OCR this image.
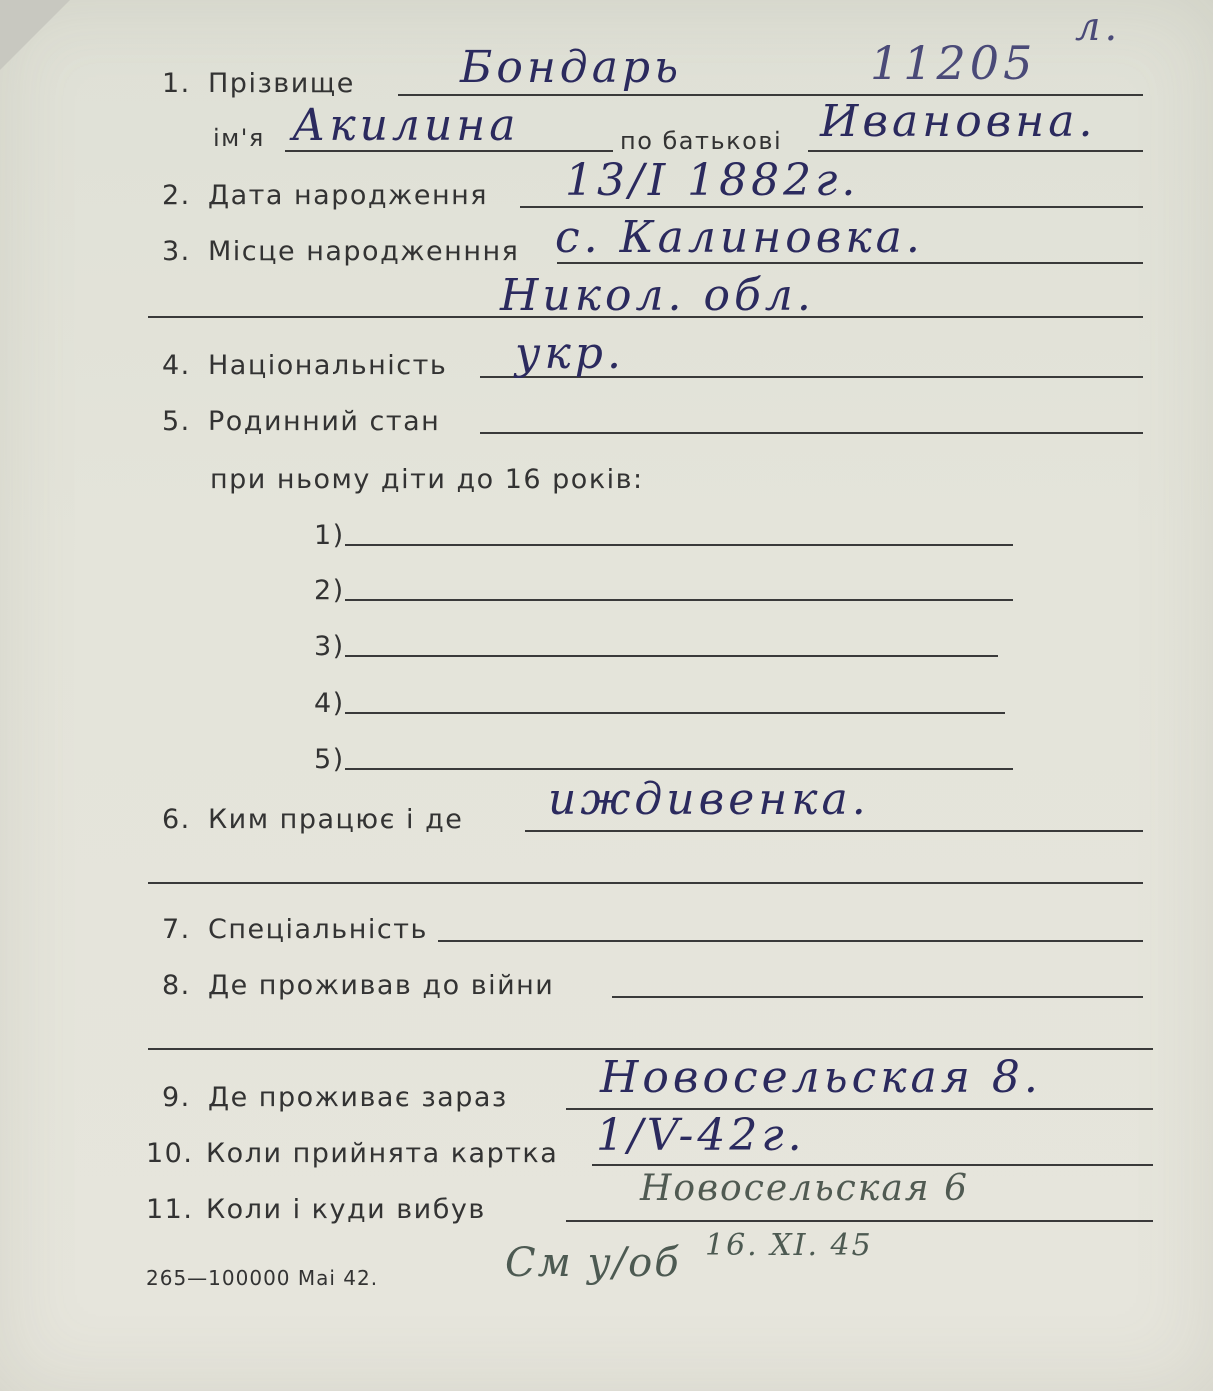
11205
л.
1. Прізвище Бондарь
ім'я Акилина	по батькові Ивановна.
2. Дата народження 13/I 1882г.
3. Місце народженння с. Калиновка.
Никол. обл.
4. Національність укр.
5. Родинний стан
при ньому діти до 16 років:
1)
2)
3)
4)
5)
6. Ким працює і де иждивенка.
7. Спеціальність
8. Де проживав до війни
9. Де проживає зараз Новосельская 8.
10. Коли прийнята картка 1/V-42г.
11. Коли і куди вибув
Новосельская 6
265—100000 Маі 42.	См у/об 16. XI. 45
